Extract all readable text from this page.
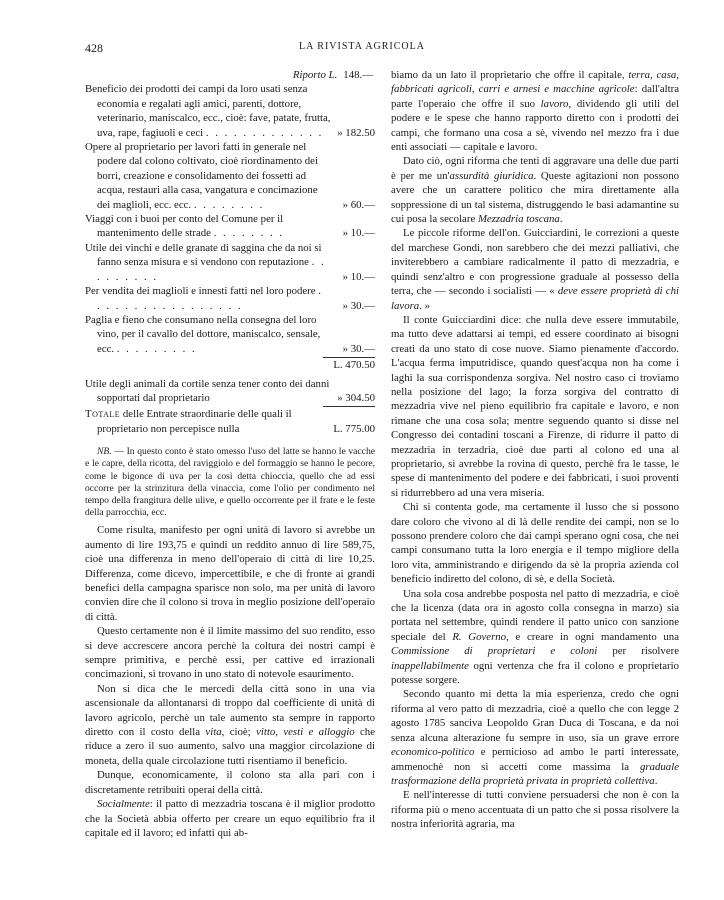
428	LA RIVISTA AGRICOLA
Riporto L. 148.—
Beneficio dei prodotti dei campi da loro usati senza economia e regalati agli amici, parenti, dottore, veterinario, maniscalco, ecc., cioè: fave, patate, frutta, uva, rape, fagiuoli e ceci . . . . . . . . . . . . .	» 182.50
Opere al proprietario per lavori fatti in generale nel podere dal colono coltivato, cioè riordinamento dei borri, creazione e consolidamento dei fossetti ad acqua, restauri alla casa, vangatura e concimazione dei maglioli, ecc. ecc. . . . . . . . .	» 60.—
Viaggi con i buoi per conto del Comune per il mantenimento delle strade . . . . . . . .	» 10.—
Utile dei vinchi e delle granate di saggina che da noi si fanno senza misura e si vendono con reputazione . . . . . . . . .	» 10.—
Per vendita dei maglioli e innesti fatti nel loro podere . . . . . . . . . . . . . . . . .	» 30.—
Paglia e fieno che consumano nella consegna del loro vino, per il cavallo del dottore, maniscalco, sensale, ecc. . . . . . . . . .	» 30.—
L. 470.50
Utile degli animali da cortile senza tener conto dei danni sopportati dal proprietario	» 304.50
Totale delle Entrate straordinarie delle quali il proprietario non percepisce nulla	L. 775.00
NB. — In questo conto è stato omesso l'uso del latte se hanno le vacche e le capre, della ricotta, del raviggiolo e del formaggio se hanno le pecore, come le bigonce di uva per la così detta chioccia, quello che ad essi occorre per la strinzitura della vinaccia, come l'olio per condimento nel tempo della frangitura delle ulive, e quello occorrente per il frate e le feste della parrocchia, ecc.

Come risulta, manifesto per ogni unità di lavoro si avrebbe un aumento di lire 193,75 e quindi un reddito annuo di lire 589,75, cioè una differenza in meno dell'operaio di città di lire 10,25. Differenza, come dicevo, impercettibile, e che di fronte ai grandi benefici della campagna sparisce non solo, ma per unità di lavoro convien dire che il colono si trova in meglio posizione dell'operaio di città.

Questo certamente non è il limite massimo del suo rendito, esso si deve accrescere ancora perchè la coltura dei nostri campi è sempre primitiva, e perchè essi, per cattive ed irrazionali concimazioni, si trovano in uno stato di notevole esaurimento.

Non si dica che le mercedi della città sono in una via ascensionale da allontanarsi di troppo dal coefficiente di unità di lavoro agricolo, perchè un tale aumento sta sempre in rapporto diretto con il costo della vita, cioè; vitto, vesti e alloggio che riduce a zero il suo aumento, salvo una maggior circolazione di moneta, della quale circolazione tutti risentiamo il beneficio.

Dunque, economicamente, il colono sta alla pari con i discretamente retribuiti operai della città.

Socialmente: il patto di mezzadria toscana è il miglior prodotto che la Società abbia offerto per creare un equo equilibrio fra il capitale ed il lavoro; ed infatti qui ab-

biamo da un lato il proprietario che offre il capitale, terra, casa, fabbricati agricoli, carri e arnesi e macchine agricole: dall'altra parte l'operaio che offre il suo lavoro, dividendo gli utili del podere e le spese che hanno rapporto diretto con i prodotti dei campi, che formano una cosa a sè, vivendo nel mezzo fra i due enti associati — capitale e lavoro.

Dato ciò, ogni riforma che tenti di aggravare una delle due parti è per me un'assurdità giuridica. Queste agitazioni non possono avere che un carattere politico che mira direttamente alla soppressione di un tal sistema, distruggendo le basi adamantine su cui posa la secolare Mezzadria toscana.

Le piccole riforme dell'on. Guicciardini, le correzioni a queste del marchese Gondi, non sarebbero che dei mezzi palliativi, che inviterebbero a cambiare radicalmente il patto di mezzadria, e quindi senz'altro e con progressione graduale al possesso della terra, che — secondo i socialisti — « deve essere proprietà di chi lavora. »

Il conte Guicciardini dice: che nulla deve essere immutabile, ma tutto deve adattarsi ai tempi, ed essere coordinato ai bisogni creati da uno stato di cose nuove. Siamo pienamente d'accordo. L'acqua ferma imputridisce, quando quest'acqua non ha come i laghi la sua corrispondenza sorgiva. Nel nostro caso ci troviamo nella posizione del lago; la forza sorgiva del contratto di mezzadria vive nel pieno equilibrio fra capitale e lavoro, e non rimane che una cosa sola; mentre seguendo quanto si disse nel Congresso dei contadini toscani a Firenze, di ridurre il patto di mezzadria in terzadria, cioè due parti al colono ed una al proprietario, si avrebbe la rovina di questo, perchè fra le tasse, le spese di mantenimento del podere e dei fabbricati, i suoi proventi si ridurrebbero ad una vera miseria.

Chi si contenta gode, ma certamente il lusso che si possono dare coloro che vivono al di là delle rendite dei campi, non se lo possono prendere coloro che dai campi sperano ogni cosa, che nei campi consumano tutta la loro energia e il tempo migliore della loro vita, amministrando e dirigendo da sè la propria azienda col beneficio indiretto del colono, di sè, e della Società.

Una sola cosa andrebbe posposta nel patto di mezzadria, e cioè che la licenza (data ora in agosto colla consegna in marzo) sia portata nel settembre, quindi rendere il patto unico con sanzione speciale del R. Governo, e creare in ogni mandamento una Commissione di proprietari e coloni per risolvere inappellabilmente ogni vertenza che fra il colono e proprietario potesse sorgere.

Secondo quanto mi detta la mia esperienza, credo che ogni riforma al vero patto di mezzadria, cioè a quello che con legge 2 agosto 1785 sanciva Leopoldo Gran Duca di Toscana, e da noi senza alcuna alterazione fu sempre in uso, sia un grave errore economico-politico e pernicioso ad ambo le parti interessate, ammenochè non si accetti come massima la graduale trasformazione della proprietà privata in proprietà collettiva.

E nell'interesse di tutti conviene persuadersi che non è con la riforma più o meno accentuata di un patto che si possa risolvere la nostra inferiorità agraria, ma
